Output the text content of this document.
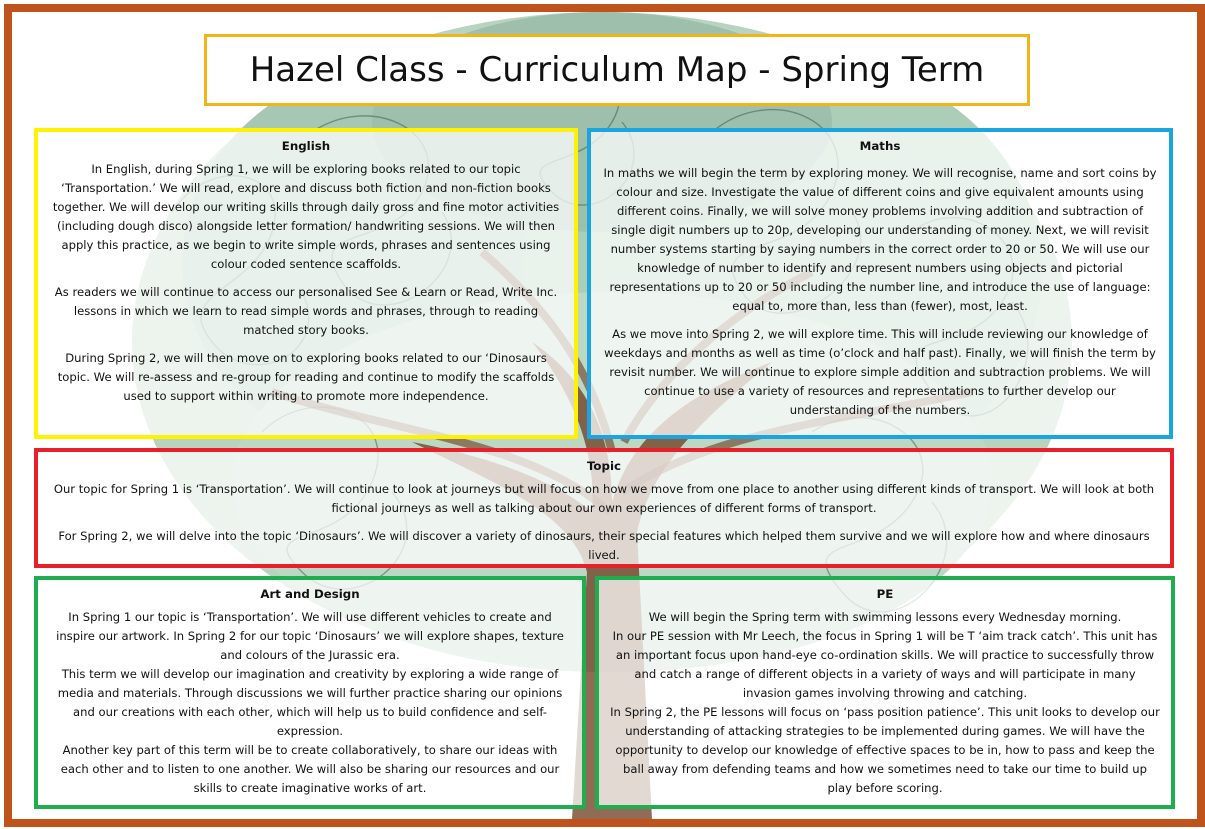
Hazel Class - Curriculum Map - Spring Term
English

In English, during Spring 1, we will be exploring books related to our topic ‘Transportation.’ We will read, explore and discuss both fiction and non-fiction books together. We will develop our writing skills through daily gross and fine motor activities (including dough disco) alongside letter formation/ handwriting sessions. We will then apply this practice, as we begin to write simple words, phrases and sentences using colour coded sentence scaffolds.

As readers we will continue to access our personalised See & Learn or Read, Write Inc. lessons in which we learn to read simple words and phrases, through to reading matched story books.

During Spring 2, we will then move on to exploring books related to our ‘Dinosaurs topic. We will re-assess and re-group for reading and continue to modify the scaffolds used to support within writing to promote more independence.

Maths

In maths we will begin the term by exploring money. We will recognise, name and sort coins by colour and size. Investigate the value of different coins and give equivalent amounts using different coins. Finally, we will solve money problems involving addition and subtraction of single digit numbers up to 20p, developing our understanding of money. Next, we will revisit number systems starting by saying numbers in the correct order to 20 or 50. We will use our knowledge of number to identify and represent numbers using objects and pictorial representations up to 20 or 50 including the number line, and introduce the use of language: equal to, more than, less than (fewer), most, least.

As we move into Spring 2, we will explore time. This will include reviewing our knowledge of weekdays and months as well as time (o’clock and half past). Finally, we will finish the term by revisit number. We will continue to explore simple addition and subtraction problems. We will continue to use a variety of resources and representations to further develop our understanding of the numbers.

Topic

Our topic for Spring 1 is ‘Transportation’. We will continue to look at journeys but will focus on how we move from one place to another using different kinds of transport. We will look at both fictional journeys as well as talking about our own experiences of different forms of transport.

For Spring 2, we will delve into the topic ‘Dinosaurs’. We will discover a variety of dinosaurs, their special features which helped them survive and we will explore how and where dinosaurs lived.

Art and Design

In Spring 1 our topic is ‘Transportation’. We will use different vehicles to create and inspire our artwork. In Spring 2 for our topic ‘Dinosaurs’ we will explore shapes, texture and colours of the Jurassic era.

This term we will develop our imagination and creativity by exploring a wide range of media and materials. Through discussions we will further practice sharing our opinions and our creations with each other, which will help us to build confidence and self-expression.

Another key part of this term will be to create collaboratively, to share our ideas with each other and to listen to one another. We will also be sharing our resources and our skills to create imaginative works of art.

PE

We will begin the Spring term with swimming lessons every Wednesday morning.

In our PE session with Mr Leech, the focus in Spring 1 will be T ‘aim track catch’. This unit has an important focus upon hand-eye co-ordination skills. We will practice to successfully throw and catch a range of different objects in a variety of ways and will participate in many invasion games involving throwing and catching.

In Spring 2, the PE lessons will focus on ‘pass position patience’. This unit looks to develop our understanding of attacking strategies to be implemented during games. We will have the opportunity to develop our knowledge of effective spaces to be in, how to pass and keep the ball away from defending teams and how we sometimes need to take our time to build up play before scoring.
